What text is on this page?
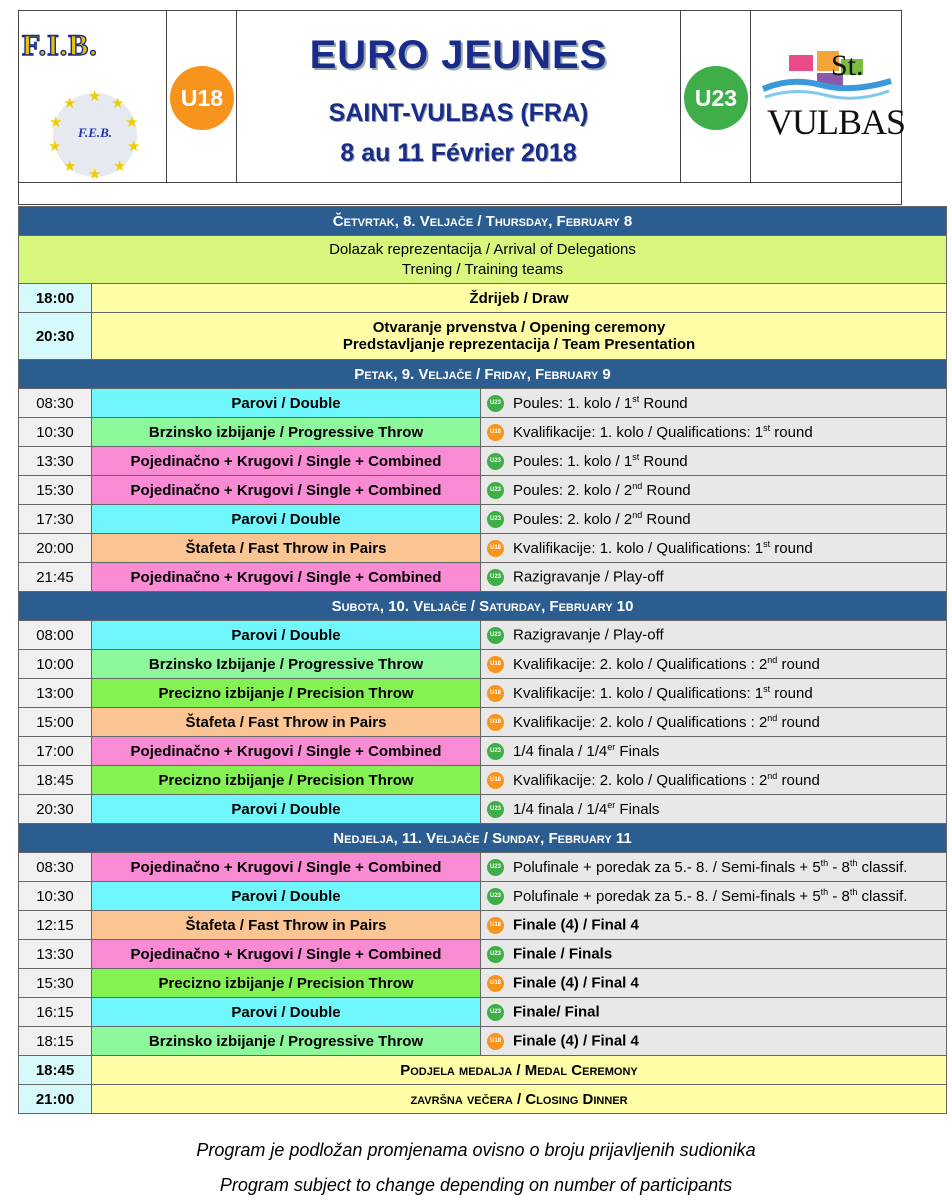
F.I.B.
★ ★
★
★
★
★
★
★
★
★
F.E.B.
U18
EURO JEUNES
SAINT-VULBAS (FRA)
8 au 11 Février 2018
U23
St.
VULBAS
Četvrtak, 8. Veljače / Thursday, February 8		

Dolazak reprezentacija / Arrival of Delegations
Trening / Training teams		

18:00	Ždrijeb / Draw	

20:30	Otvaranje prvenstva / Opening ceremony
Predstavljanje reprezentacija / Team Presentation	

Petak, 9. Veljače / Friday, February 9		
08:30	Parovi / Double	U23 Poules: 1. kolo / 1st Round
10:30	Brzinsko izbijanje / Progressive Throw	U18 Kvalifikacije: 1. kolo / Qualifications: 1st round
13:30	Pojedinačno + Krugovi / Single + Combined	U23 Poules: 1. kolo / 1st Round
15:30	Pojedinačno + Krugovi / Single + Combined	U23 Poules: 2. kolo / 2nd Round
17:30	Parovi / Double	U23 Poules: 2. kolo / 2nd Round
20:00	Štafeta / Fast Throw in Pairs	U18 Kvalifikacije: 1. kolo / Qualifications: 1st round
21:45	Pojedinačno + Krugovi / Single + Combined	U23 Razigravanje / Play-off
Subota, 10. Veljače / Saturday, February 10		
08:00	Parovi / Double	U23 Razigravanje / Play-off
10:00	Brzinsko Izbijanje / Progressive Throw	U18 Kvalifikacije: 2. kolo / Qualifications : 2nd round
13:00	Precizno izbijanje / Precision Throw	U18 Kvalifikacije: 1. kolo / Qualifications: 1st round
15:00	Štafeta / Fast Throw in Pairs	U18 Kvalifikacije: 2. kolo / Qualifications : 2nd round
17:00	Pojedinačno + Krugovi / Single + Combined	U23 1/4 finala / 1/4er Finals
18:45	Precizno izbijanje / Precision Throw	U18 Kvalifikacije: 2. kolo / Qualifications : 2nd round
20:30	Parovi / Double	U23 1/4 finala / 1/4er Finals
Nedjelja, 11. Veljače / Sunday, February 11		
08:30	Pojedinačno + Krugovi / Single + Combined	U23 Polufinale + poredak za 5.- 8. / Semi-finals + 5th - 8th classif.
10:30	Parovi / Double	U23 Polufinale + poredak za 5.- 8. / Semi-finals + 5th - 8th classif.
12:15	Štafeta / Fast Throw in Pairs	U18 Finale (4) / Final 4
13:30	Pojedinačno + Krugovi / Single + Combined	U23 Finale / Finals
15:30	Precizno izbijanje / Precision Throw	U18 Finale (4) / Final 4
16:15	Parovi / Double	U23 Finale/ Final
18:15	Brzinsko izbijanje / Progressive Throw	U18 Finale (4) / Final 4
18:45	Podjela medalja / Medal Ceremony	
21:00	završna večera / Closing Dinner	
Program je podložan promjenama ovisno o broju prijavljenih sudionika
Program subject to change depending on number of participants
